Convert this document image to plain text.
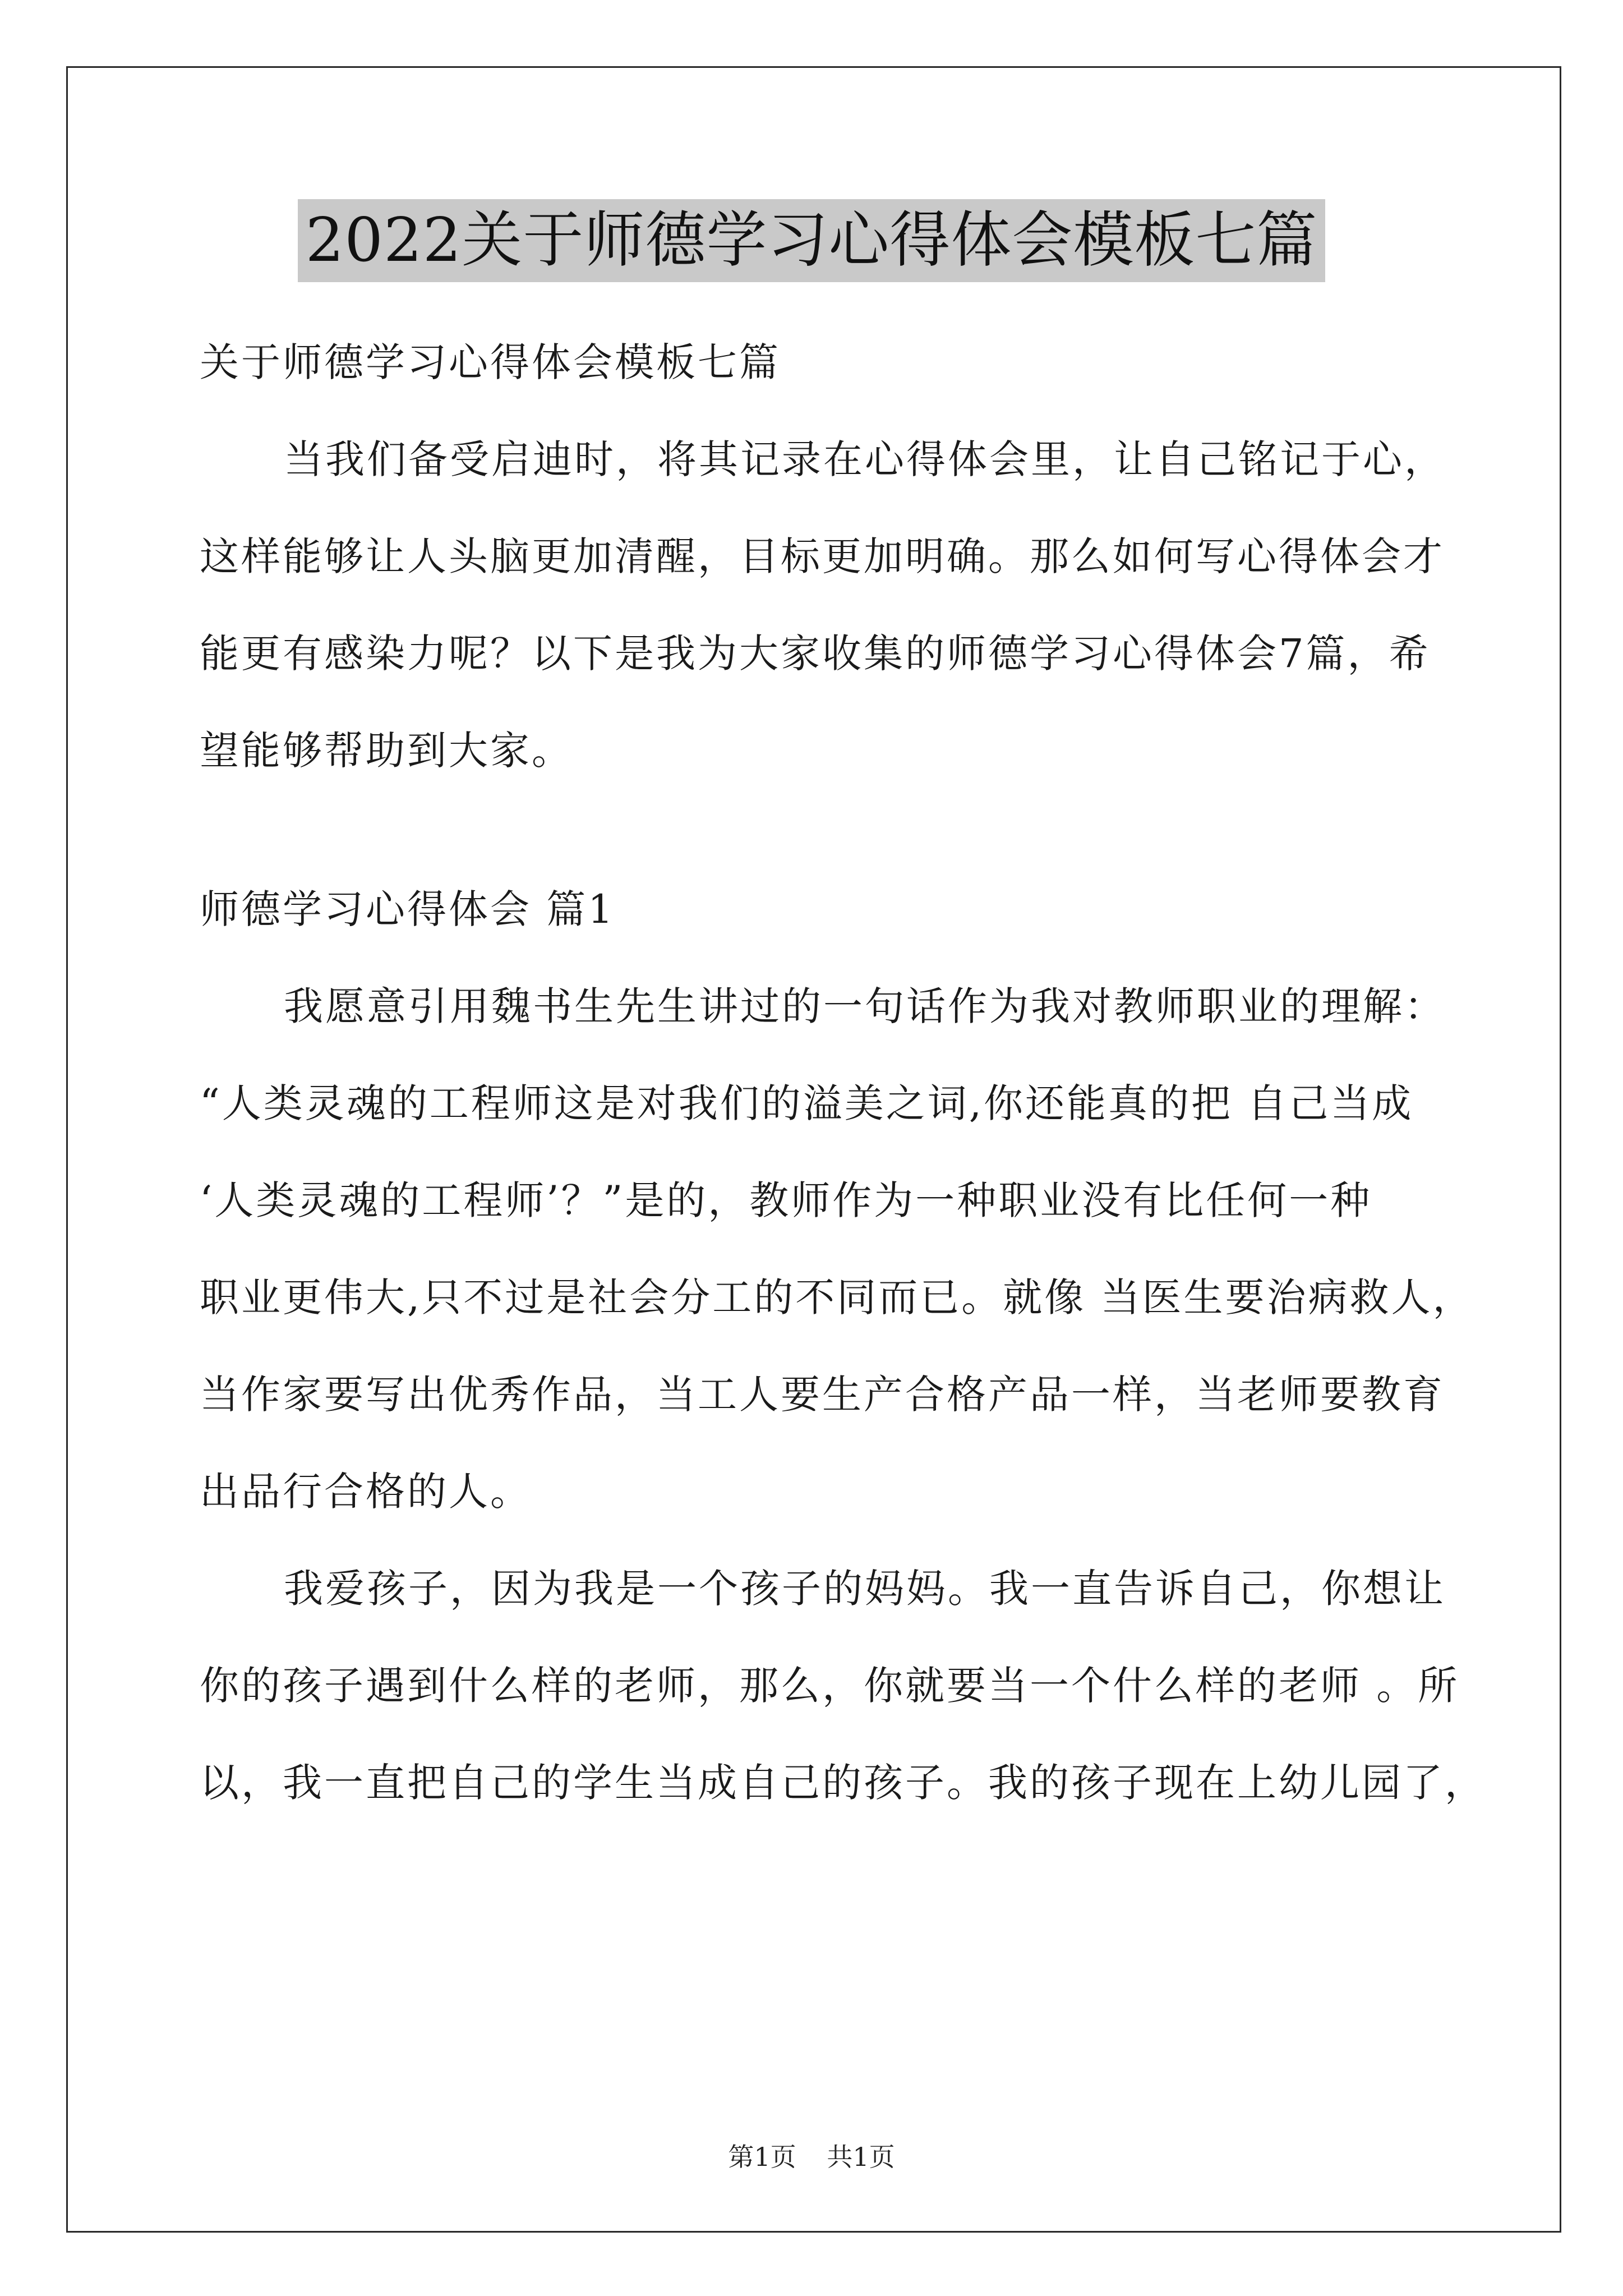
2022关于师德学习心得体会模板七篇
关于师德学习心得体会模板七篇
当我们备受启迪时，将其记录在心得体会里，让自己铭记于心，
这样能够让人头脑更加清醒，目标更加明确。那么如何写心得体会才
能更有感染力呢？以下是我为大家收集的师德学习心得体会7篇，希
望能够帮助到大家。
师德学习心得体会 篇1
我愿意引用魏书生先生讲过的一句话作为我对教师职业的理解：
“人类灵魂的工程师这是对我们的溢美之词,你还能真的把 自己当成
‘人类灵魂的工程师’？”是的，教师作为一种职业没有比任何一种
职业更伟大,只不过是社会分工的不同而已。就像 当医生要治病救人，
当作家要写出优秀作品，当工人要生产合格产品一样，当老师要教育
出品行合格的人。
我爱孩子，因为我是一个孩子的妈妈。我一直告诉自己，你想让
你的孩子遇到什么样的老师，那么，你就要当一个什么样的老师 。所
以，我一直把自己的学生当成自己的孩子。我的孩子现在上幼儿园了，
第1页 共1页
